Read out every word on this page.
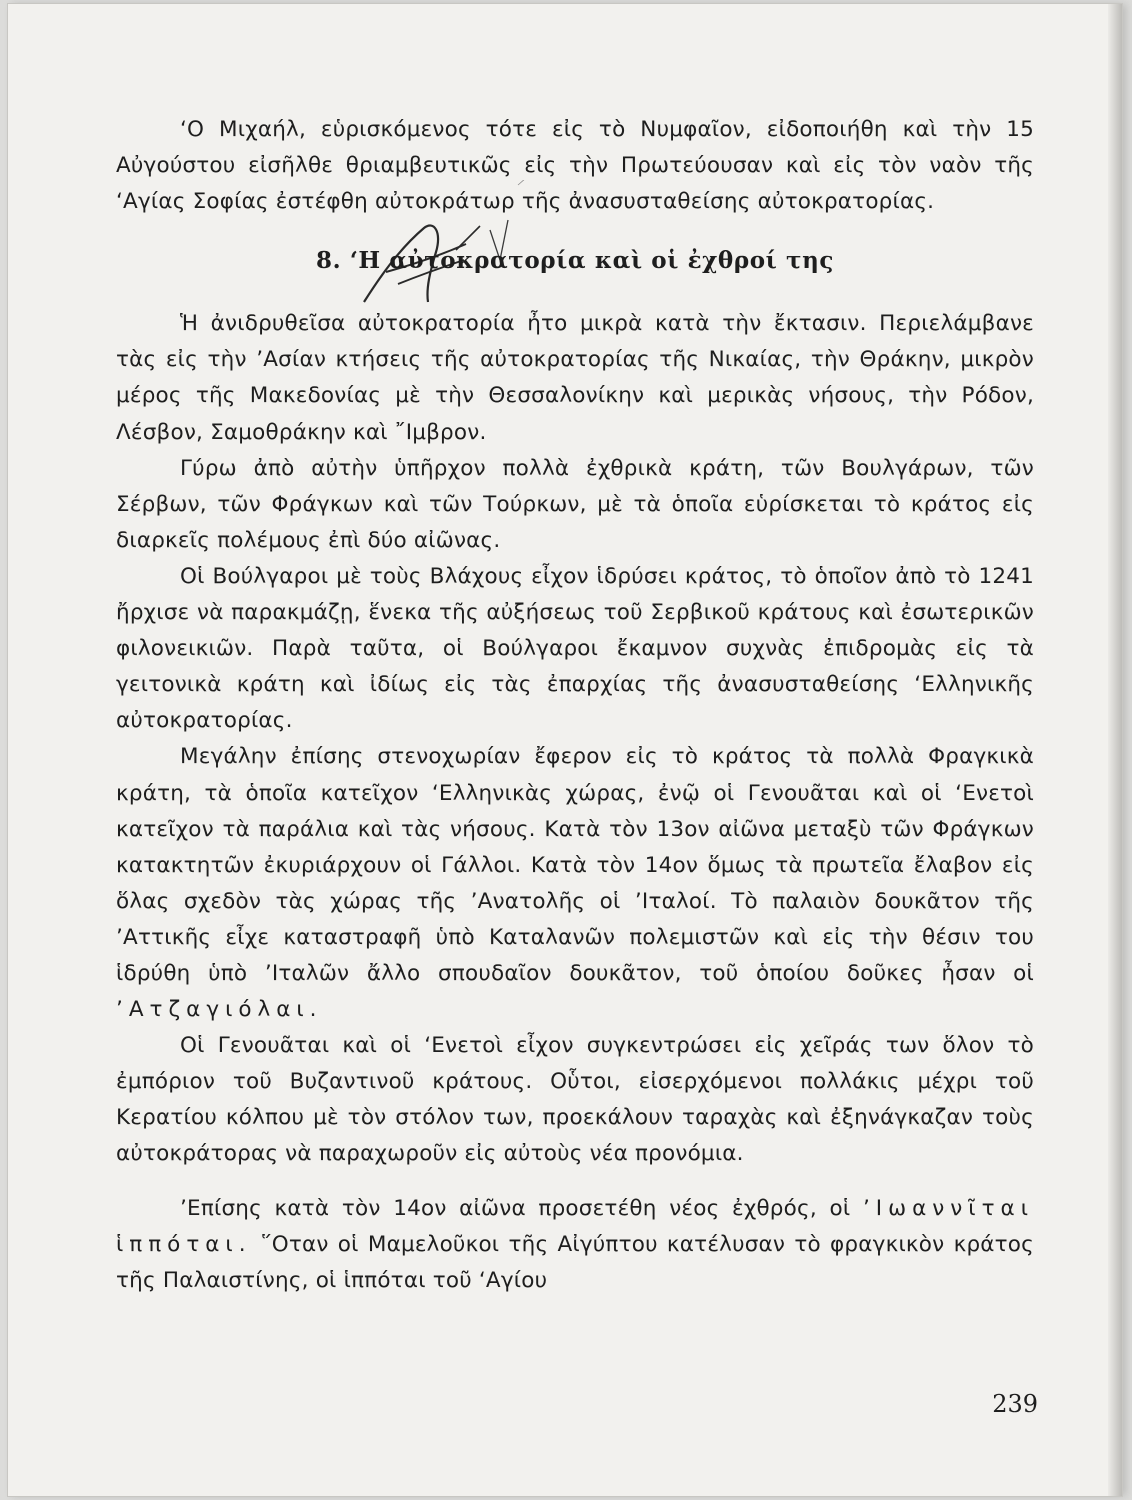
‘Ο Μιχαήλ, εὑρισκόμενος τότε εἰς τὸ Νυμφαῖον, εἰδοποιήθη καὶ τὴν 15 Αὐγούστου εἰσῆλθε θριαμβευτικῶς εἰς τὴν Πρωτεύουσαν καὶ εἰς τὸν ναὸν τῆς ‘Αγίας Σοφίας ἐστέφθη αὐτοκράτωρ τῆς ἀνασυσταθείσης αὐτοκρατορίας.

8. ‘Η αὐτοκρατορία καὶ οἱ ἐχθροί της

Ἡ ἀνιδρυθεῖσα αὐτοκρατορία ἦτο μικρὰ κατὰ τὴν ἔκτασιν. Περιελάμβανε τὰς εἰς τὴν ’Ασίαν κτήσεις τῆς αὐτοκρατορίας τῆς Νικαίας, τὴν Θράκην, μικρὸν μέρος τῆς Μακεδονίας μὲ τὴν Θεσσαλονίκην καὶ μερικὰς νήσους, τὴν Ρόδον, Λέσβον, Σαμοθράκην καὶ ῎Ιμβρον.

Γύρω ἀπὸ αὐτὴν ὑπῆρχον πολλὰ ἐχθρικὰ κράτη, τῶν Βουλγάρων, τῶν Σέρβων, τῶν Φράγκων καὶ τῶν Τούρκων, μὲ τὰ ὁποῖα εὑρίσκεται τὸ κράτος εἰς διαρκεῖς πολέμους ἐπὶ δύο αἰῶνας.

Οἱ Βούλγαροι μὲ τοὺς Βλάχους εἶχον ἱδρύσει κράτος, τὸ ὁποῖον ἀπὸ τὸ 1241 ἤρχισε νὰ παρακμάζῃ, ἕνεκα τῆς αὐξήσεως τοῦ Σερβικοῦ κράτους καὶ ἐσωτερικῶν φιλονεικιῶν. Παρὰ ταῦτα, οἱ Βούλγαροι ἔκαμνον συχνὰς ἐπιδρομὰς εἰς τὰ γειτονικὰ κράτη καὶ ἰδίως εἰς τὰς ἐπαρχίας τῆς ἀνασυσταθείσης ‘Ελληνικῆς αὐτοκρατορίας.

Μεγάλην ἐπίσης στενοχωρίαν ἔφερον εἰς τὸ κράτος τὰ πολλὰ Φραγκικὰ κράτη, τὰ ὁποῖα κατεῖχον ‘Ελληνικὰς χώρας, ἐνῷ οἱ Γενουᾶται καὶ οἱ ‘Ενετοὶ κατεῖχον τὰ παράλια καὶ τὰς νήσους. Κατὰ τὸν 13ον αἰῶνα μεταξὺ τῶν Φράγκων κατακτητῶν ἐκυριάρχουν οἱ Γάλλοι. Κατὰ τὸν 14ον ὅμως τὰ πρωτεῖα ἔλαβον εἰς ὅλας σχεδὸν τὰς χώρας τῆς ’Ανατολῆς οἱ ’Ιταλοί. Τὸ παλαιὸν δουκᾶτον τῆς ’Αττικῆς εἶχε καταστραφῆ ὑπὸ Καταλανῶν πολεμιστῶν καὶ εἰς τὴν θέσιν του ἱδρύθη ὑπὸ ’Ιταλῶν ἄλλο σπουδαῖον δουκᾶτον, τοῦ ὁποίου δοῦκες ἦσαν οἱ ’Ατζαγιόλαι.

Οἱ Γενουᾶται καὶ οἱ ‘Ενετοὶ εἶχον συγκεντρώσει εἰς χεῖράς των ὅλον τὸ ἐμπόριον τοῦ Βυζαντινοῦ κράτους. Οὗτοι, εἰσερχόμενοι πολλάκις μέχρι τοῦ Κερατίου κόλπου μὲ τὸν στόλον των, προεκάλουν ταραχὰς καὶ ἐξηνάγκαζαν τοὺς αὐτοκράτορας νὰ παραχωροῦν εἰς αὐτοὺς νέα προνόμια.

’Επίσης κατὰ τὸν 14ον αἰῶνα προσετέθη νέος ἐχθρός, οἱ ’Ιωαννῖται ἱππόται. ῞Οταν οἱ Μαμελοῦκοι τῆς Αἰγύπτου κατέλυσαν τὸ φραγκικὸν κράτος τῆς Παλαιστίνης, οἱ ἱππόται τοῦ ‘Αγίου

239
